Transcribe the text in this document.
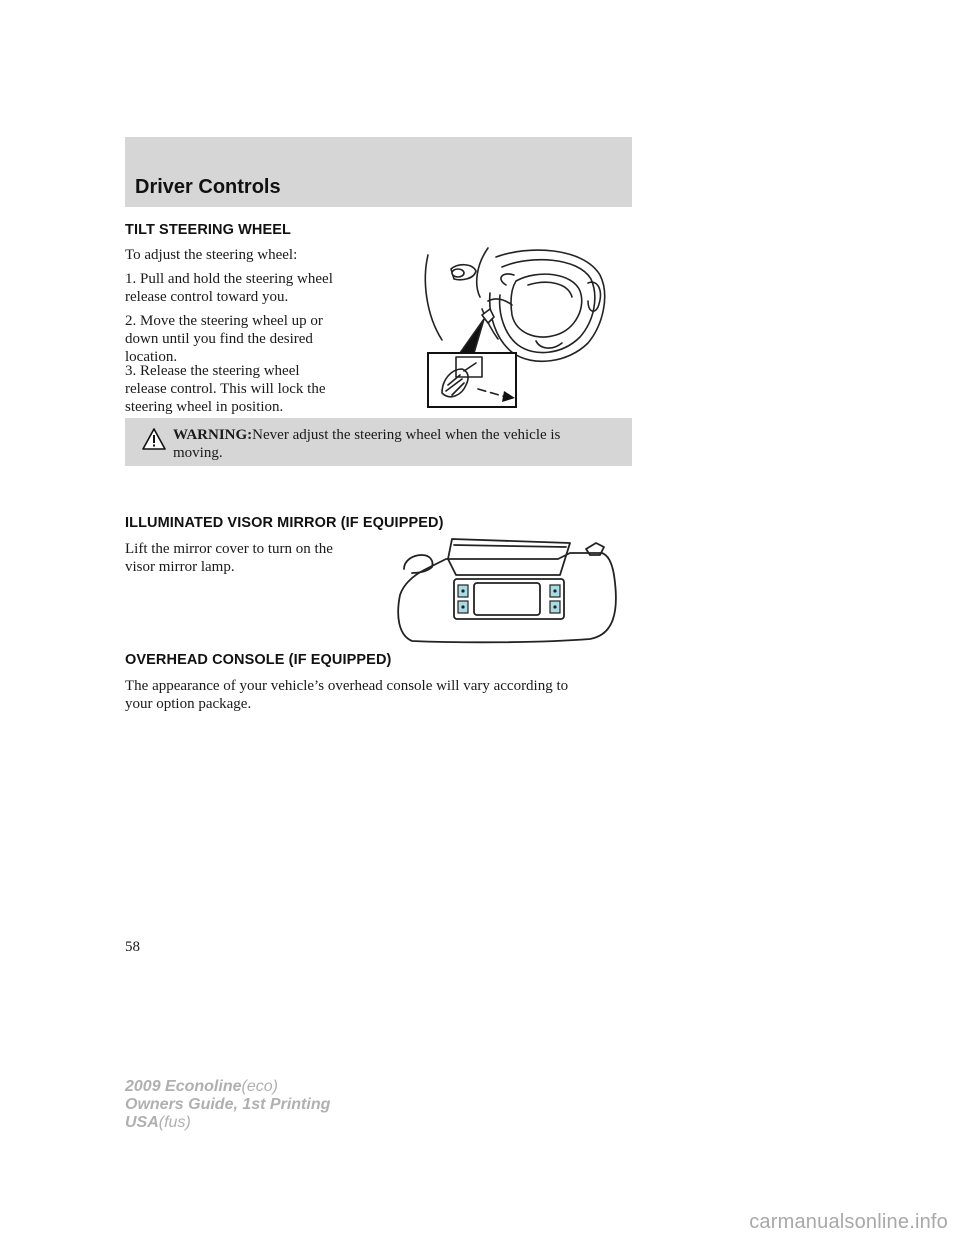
Driver Controls
TILT STEERING WHEEL
To adjust the steering wheel:
1. Pull and hold the steering wheel
release control toward you.
2. Move the steering wheel up or
down until you find the desired
location.
3. Release the steering wheel
release control. This will lock the
steering wheel in position.
WARNING:Never adjust the steering wheel when the vehicle is
moving.
ILLUMINATED VISOR MIRROR (IF EQUIPPED)
Lift the mirror cover to turn on the
visor mirror lamp.
OVERHEAD CONSOLE (IF EQUIPPED)
The appearance of your vehicle’s overhead console will vary according to
your option package.
58
2009 Econoline(eco)
Owners Guide, 1st Printing
USA(fus)
carmanualsonline.info
